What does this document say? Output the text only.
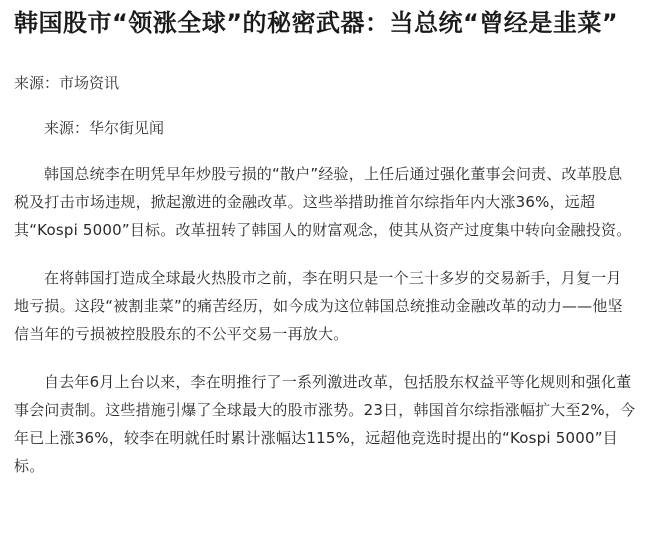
韩国股市“领涨全球”的秘密武器：当总统“曾经是韭菜”

来源：市场资讯

来源：华尔街见闻

韩国总统李在明凭早年炒股亏损的“散户”经验，上任后通过强化董事会问责、改革股息税及打击市场违规，掀起激进的金融改革。这些举措助推首尔综指年内大涨36%，远超其“Kospi 5000”目标。改革扭转了韩国人的财富观念，使其从资产过度集中转向金融投资。

在将韩国打造成全球最火热股市之前，李在明只是一个三十多岁的交易新手，月复一月地亏损。这段“被割韭菜”的痛苦经历，如今成为这位韩国总统推动金融改革的动力——他坚信当年的亏损被控股股东的不公平交易一再放大。

自去年6月上台以来，李在明推行了一系列激进改革，包括股东权益平等化规则和强化董事会问责制。这些措施引爆了全球最大的股市涨势。23日，韩国首尔综指涨幅扩大至2%，今年已上涨36%，较李在明就任时累计涨幅达115%，远超他竞选时提出的“Kospi 5000”目标。
